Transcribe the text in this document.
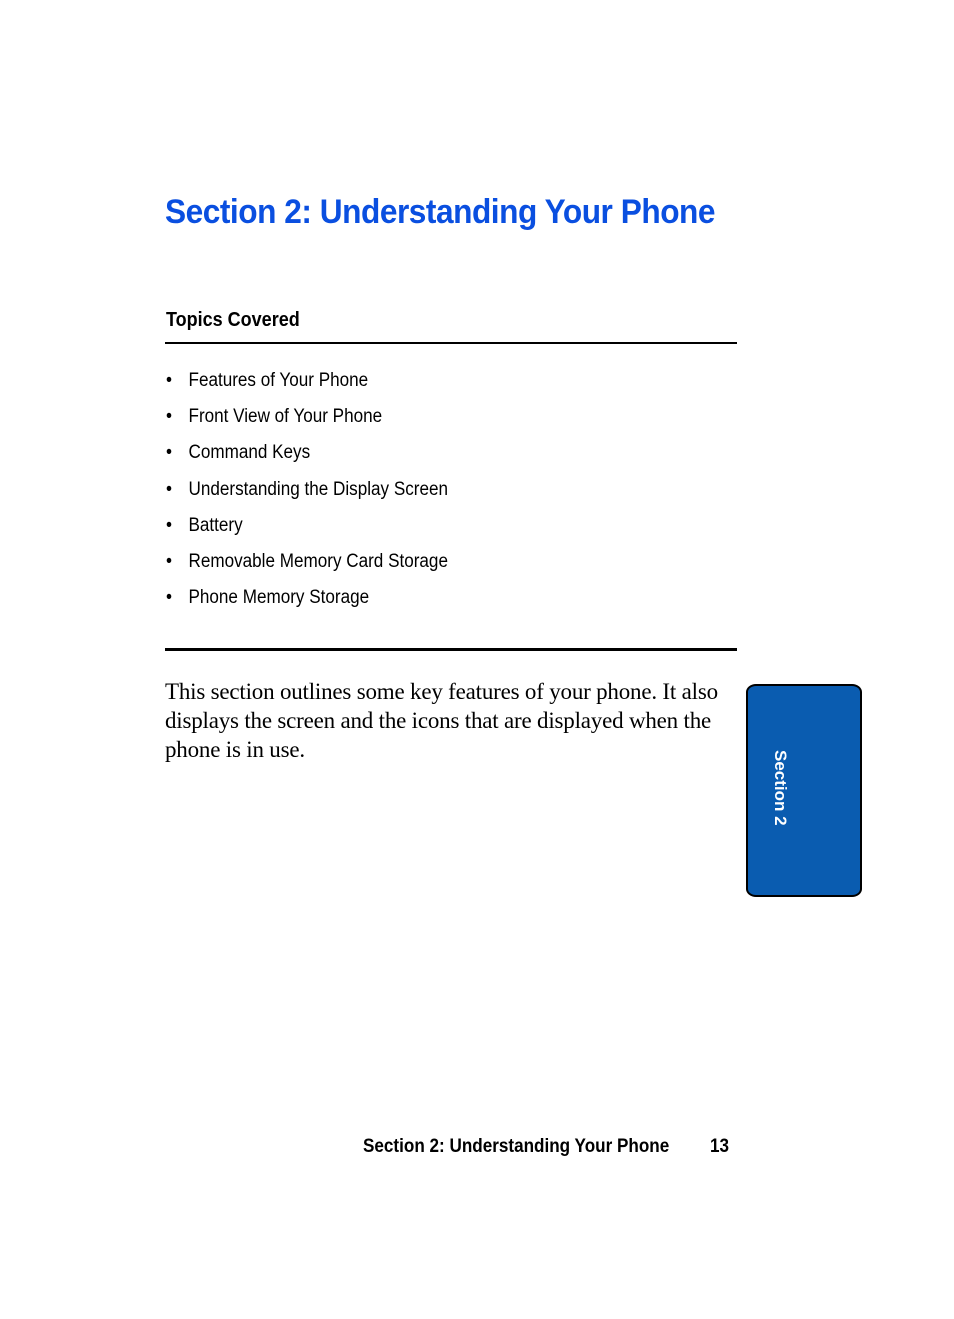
Section 2: Understanding Your Phone
Topics Covered
• Features of Your Phone
• Front View of Your Phone
• Command Keys
• Understanding the Display Screen
• Battery
• Removable Memory Card Storage
• Phone Memory Storage

This section outlines some key features of your phone. It also displays the screen and the icons that are displayed when the phone is in use.

Section 2

Section 2: Understanding Your Phone 13
